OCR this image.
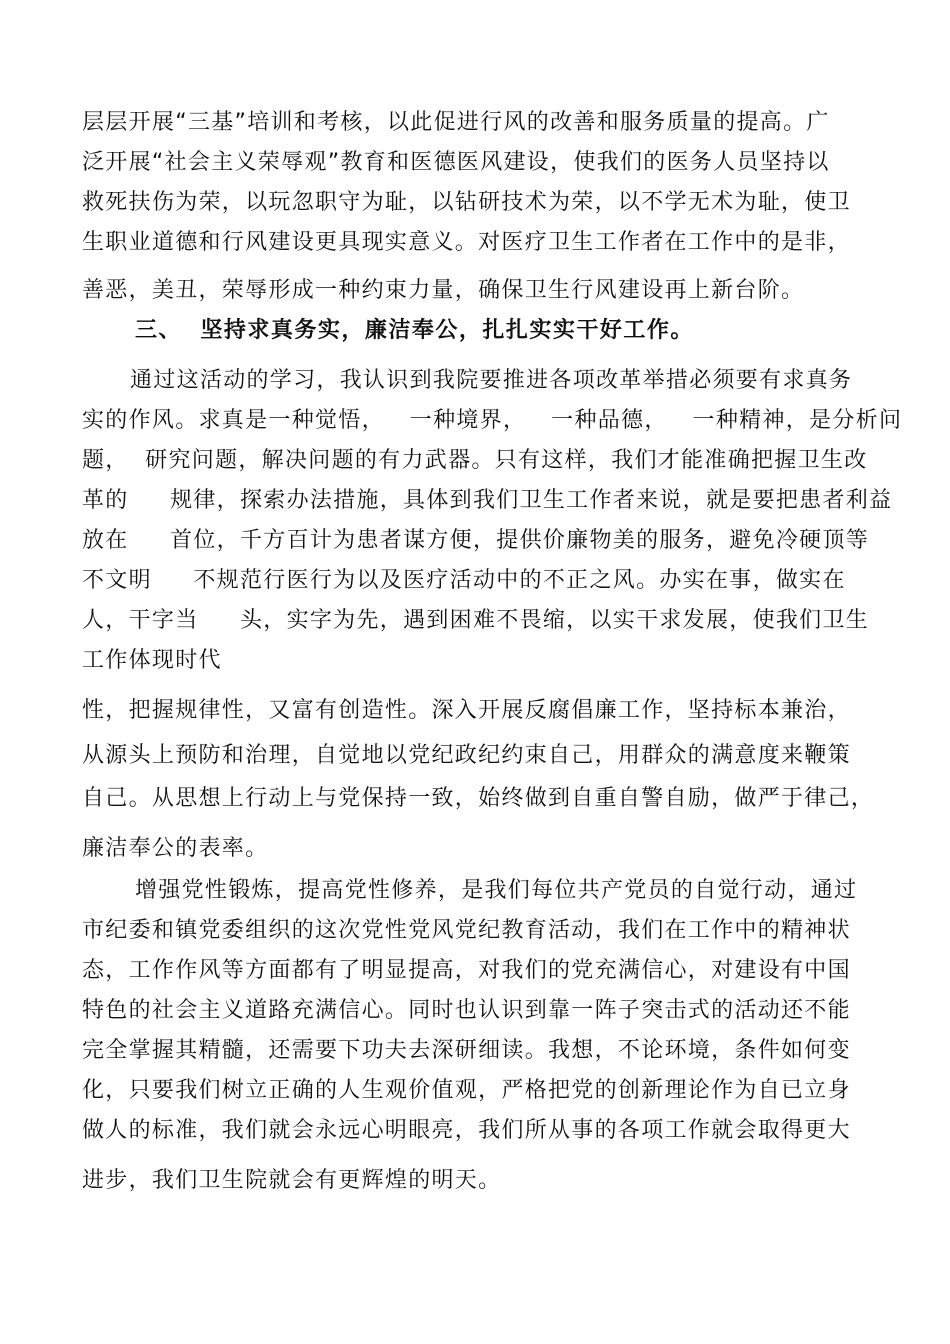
层层开展“三基”培训和考核，以此促进行风的改善和服务质量的提高。广
泛开展“社会主义荣辱观”教育和医德医风建设，使我们的医务人员坚持以
救死扶伤为荣，以玩忽职守为耻，以钻研技术为荣，以不学无术为耻，使卫
生职业道德和行风建设更具现实意义。对医疗卫生工作者在工作中的是非，
善恶，美丑，荣辱形成一种约束力量，确保卫生行风建设再上新台阶。
三、  坚持求真务实，廉洁奉公，扎扎实实干好工作。
通过这活动的学习，我认识到我院要推进各项改革举措必须要有求真务
实的作风。求真是一种觉悟，   一种境界，   一种品德，   一种精神，是分析问
题，  研究问题，解决问题的有力武器。只有这样，我们才能准确把握卫生改
革的     规律，探索办法措施，具体到我们卫生工作者来说，就是要把患者利益
放在     首位，千方百计为患者谋方便，提供价廉物美的服务，避免冷硬顶等
不文明     不规范行医行为以及医疗活动中的不正之风。办实在事，做实在
人，干字当     头，实字为先，遇到困难不畏缩，以实干求发展，使我们卫生
工作体现时代
性，把握规律性，又富有创造性。深入开展反腐倡廉工作，坚持标本兼治，
从源头上预防和治理，自觉地以党纪政纪约束自己，用群众的满意度来鞭策
自己。从思想上行动上与党保持一致，始终做到自重自警自励，做严于律己，
廉洁奉公的表率。
增强党性锻炼，提高党性修养，是我们每位共产党员的自觉行动，通过
市纪委和镇党委组织的这次党性党风党纪教育活动，我们在工作中的精神状
态，工作作风等方面都有了明显提高，对我们的党充满信心，对建设有中国
特色的社会主义道路充满信心。同时也认识到靠一阵子突击式的活动还不能
完全掌握其精髓，还需要下功夫去深研细读。我想，不论环境，条件如何变
化，只要我们树立正确的人生观价值观，严格把党的创新理论作为自已立身
做人的标准，我们就会永远心明眼亮，我们所从事的各项工作就会取得更大
进步，我们卫生院就会有更辉煌的明天。
